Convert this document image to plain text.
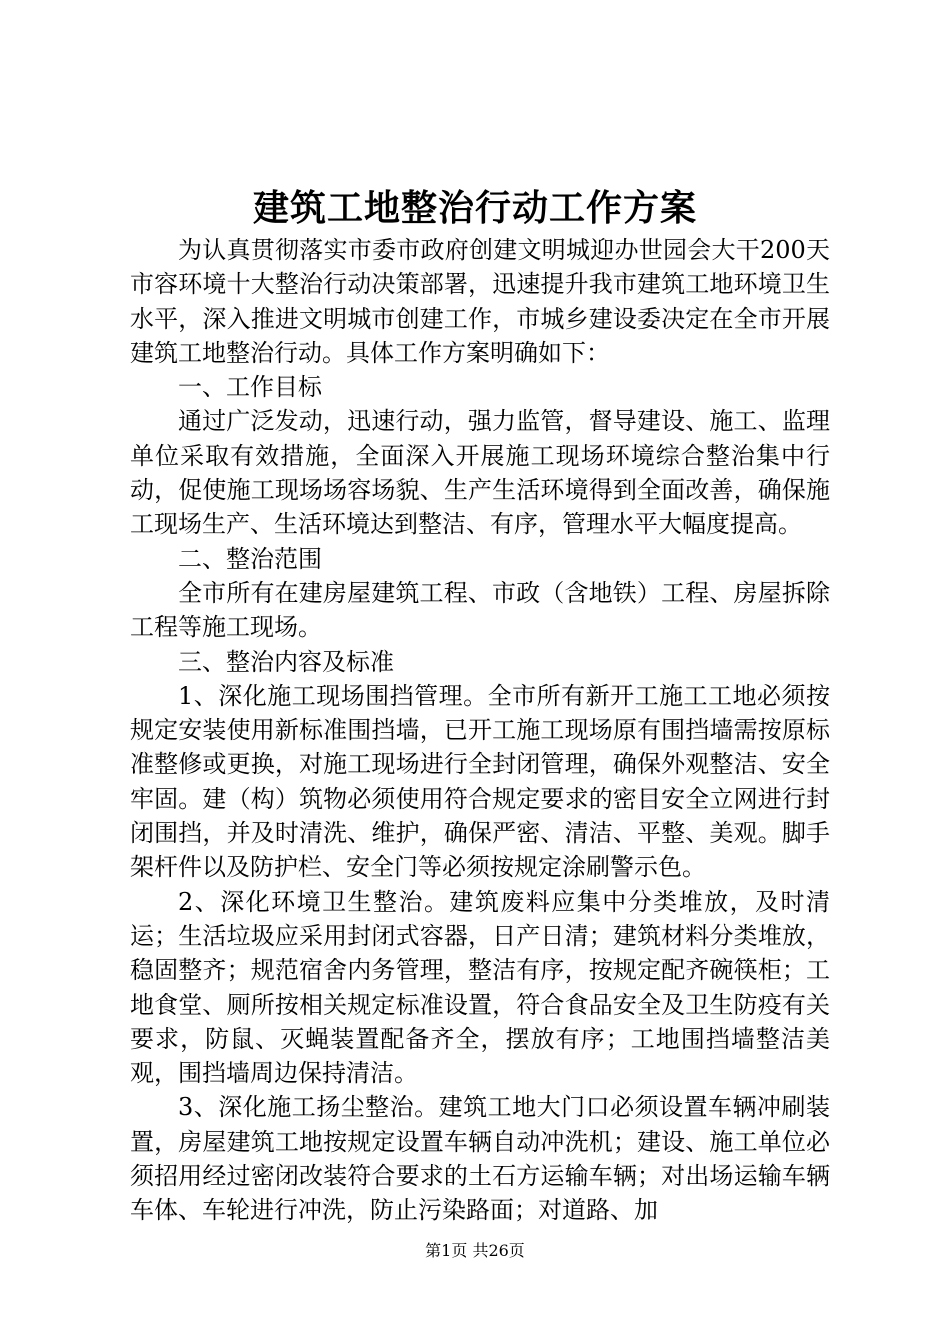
建筑工地整治行动工作方案

为认真贯彻落实市委市政府创建文明城迎办世园会大干200天市容环境十大整治行动决策部署，迅速提升我市建筑工地环境卫生水平，深入推进文明城市创建工作，市城乡建设委决定在全市开展建筑工地整治行动。具体工作方案明确如下：

一、工作目标

通过广泛发动，迅速行动，强力监管，督导建设、施工、监理单位采取有效措施，全面深入开展施工现场环境综合整治集中行动，促使施工现场场容场貌、生产生活环境得到全面改善，确保施工现场生产、生活环境达到整洁、有序，管理水平大幅度提高。

二、整治范围

全市所有在建房屋建筑工程、市政（含地铁）工程、房屋拆除工程等施工现场。

三、整治内容及标准

1、深化施工现场围挡管理。全市所有新开工施工工地必须按规定安装使用新标准围挡墙，已开工施工现场原有围挡墙需按原标准整修或更换，对施工现场进行全封闭管理，确保外观整洁、安全牢固。建（构）筑物必须使用符合规定要求的密目安全立网进行封闭围挡，并及时清洗、维护，确保严密、清洁、平整、美观。脚手架杆件以及防护栏、安全门等必须按规定涂刷警示色。

2、深化环境卫生整治。建筑废料应集中分类堆放，及时清运；生活垃圾应采用封闭式容器，日产日清；建筑材料分类堆放，稳固整齐；规范宿舍内务管理，整洁有序，按规定配齐碗筷柜；工地食堂、厕所按相关规定标准设置，符合食品安全及卫生防疫有关要求，防鼠、灭蝇装置配备齐全，摆放有序；工地围挡墙整洁美观，围挡墙周边保持清洁。

3、深化施工扬尘整治。建筑工地大门口必须设置车辆冲刷装置，房屋建筑工地按规定设置车辆自动冲洗机；建设、施工单位必须招用经过密闭改装符合要求的土石方运输车辆；对出场运输车辆车体、车轮进行冲洗，防止污染路面；对道路、加

第1页 共26页
